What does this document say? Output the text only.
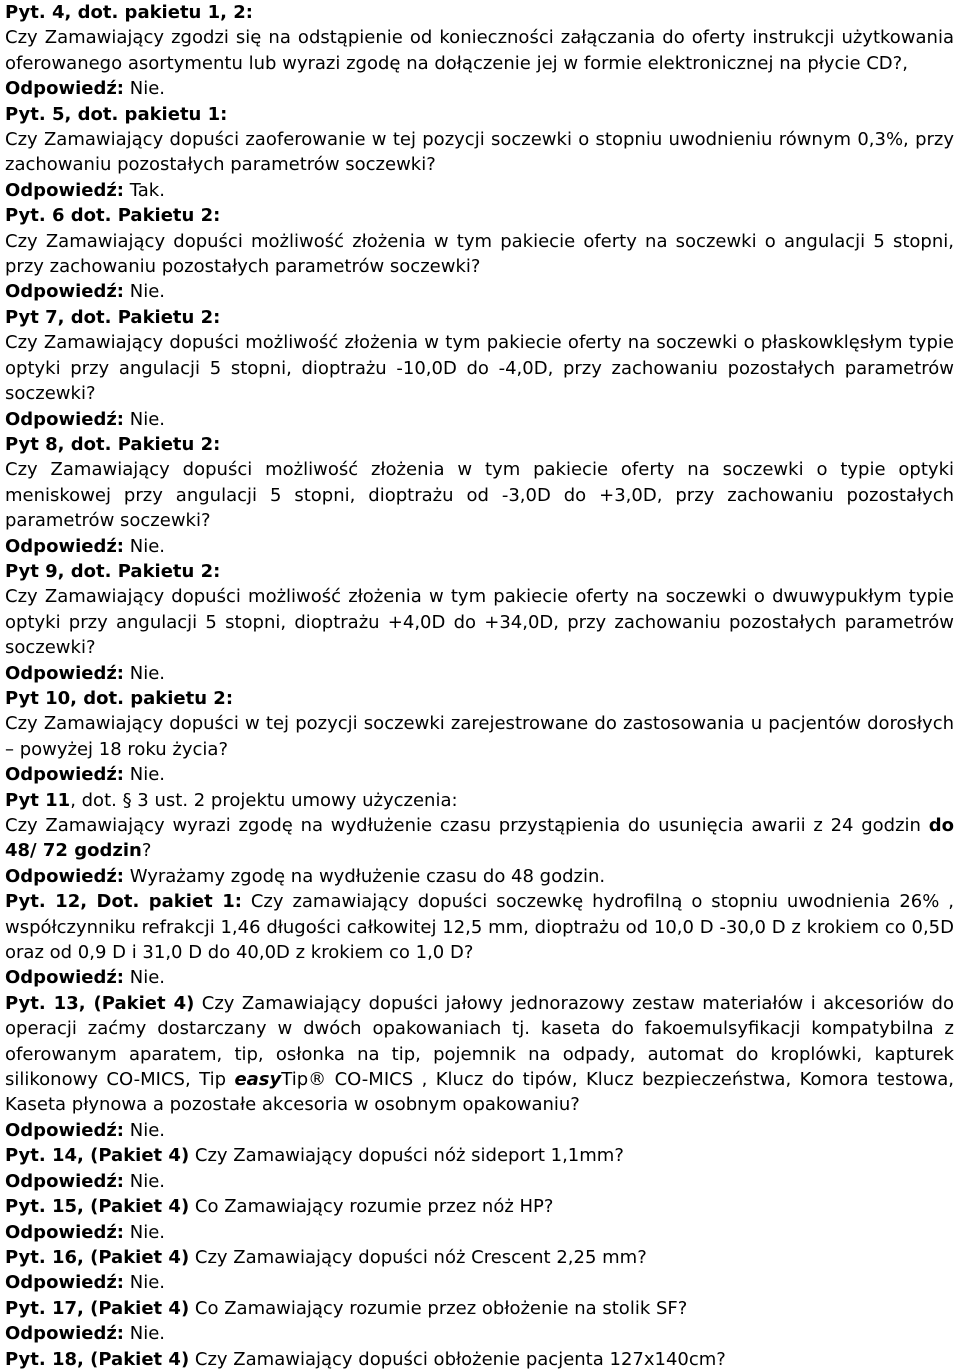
Pyt. 4, dot. pakietu 1, 2:

Czy Zamawiający zgodzi się na odstąpienie od konieczności załączania do oferty instrukcji użytkowania oferowanego asortymentu lub wyrazi zgodę na dołączenie jej w formie elektronicznej na płycie CD?,

Odpowiedź: Nie.

Pyt. 5, dot. pakietu 1:

Czy Zamawiający dopuści zaoferowanie w tej pozycji soczewki o stopniu uwodnieniu równym 0,3%, przy zachowaniu pozostałych parametrów soczewki?

Odpowiedź: Tak.

Pyt. 6 dot. Pakietu 2:

Czy Zamawiający dopuści możliwość złożenia w tym pakiecie oferty na soczewki o angulacji 5 stopni, przy zachowaniu pozostałych parametrów soczewki?

Odpowiedź: Nie.

Pyt 7, dot. Pakietu 2:

Czy Zamawiający dopuści możliwość złożenia w tym pakiecie oferty na soczewki o płaskowklęsłym typie optyki przy angulacji 5 stopni, dioptrażu -10,0D do -4,0D, przy zachowaniu pozostałych parametrów soczewki?

Odpowiedź: Nie.

Pyt 8, dot. Pakietu 2:

Czy Zamawiający dopuści możliwość złożenia w tym pakiecie oferty na soczewki o typie optyki meniskowej przy angulacji 5 stopni, dioptrażu od -3,0D do +3,0D, przy zachowaniu pozostałych parametrów soczewki?

Odpowiedź: Nie.

Pyt 9, dot. Pakietu 2:

Czy Zamawiający dopuści możliwość złożenia w tym pakiecie oferty na soczewki o dwuwypukłym typie optyki przy angulacji 5 stopni, dioptrażu +4,0D do +34,0D, przy zachowaniu pozostałych parametrów soczewki?

Odpowiedź: Nie.

Pyt 10, dot. pakietu 2:

Czy Zamawiający dopuści w tej pozycji soczewki zarejestrowane do zastosowania u pacjentów dorosłych – powyżej 18 roku życia?

Odpowiedź: Nie.

Pyt 11, dot. § 3 ust. 2 projektu umowy użyczenia:

Czy Zamawiający wyrazi zgodę na wydłużenie czasu przystąpienia do usunięcia awarii z 24 godzin do 48/ 72 godzin?

Odpowiedź: Wyrażamy zgodę na wydłużenie czasu do 48 godzin.

Pyt. 12, Dot. pakiet 1: Czy zamawiający dopuści soczewkę hydrofilną o stopniu uwodnienia 26% , współczynniku refrakcji 1,46 długości całkowitej 12,5 mm, dioptrażu od 10,0 D -30,0 D z krokiem co 0,5D oraz od 0,9 D i 31,0 D do 40,0D z krokiem co 1,0 D?

Odpowiedź: Nie.

Pyt. 13, (Pakiet 4) Czy Zamawiający dopuści jałowy jednorazowy zestaw materiałów i akcesoriów do operacji zaćmy dostarczany w dwóch opakowaniach tj. kaseta do fakoemulsyfikacji kompatybilna z oferowanym aparatem, tip, osłonka na tip, pojemnik na odpady, automat do kroplówki, kapturek silikonowy CO-MICS, Tip easyTip® CO-MICS , Klucz do tipów, Klucz bezpieczeństwa, Komora testowa, Kaseta płynowa a pozostałe akcesoria w osobnym opakowaniu?

Odpowiedź: Nie.

Pyt. 14, (Pakiet 4) Czy Zamawiający dopuści nóż sideport 1,1mm?

Odpowiedź: Nie.

Pyt. 15, (Pakiet 4) Co Zamawiający rozumie przez nóż HP?

Odpowiedź: Nie.

Pyt. 16, (Pakiet 4) Czy Zamawiający dopuści nóż Crescent 2,25 mm?

Odpowiedź: Nie.

Pyt. 17, (Pakiet 4) Co Zamawiający rozumie przez obłożenie na stolik SF?

Odpowiedź: Nie.

Pyt. 18, (Pakiet 4) Czy Zamawiający dopuści obłożenie pacjenta 127x140cm?
